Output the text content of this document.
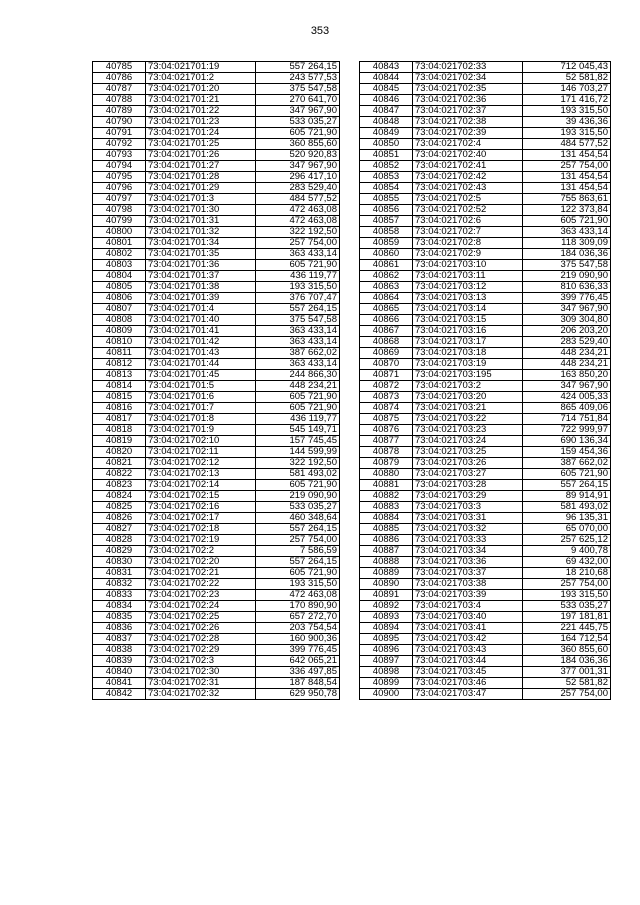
353
40785	73:04:021701:19	557 264,15
40786	73:04:021701:2	243 577,53
40787	73:04:021701:20	375 547,58
40788	73:04:021701:21	270 641,70
40789	73:04:021701:22	347 967,90
40790	73:04:021701:23	533 035,27
40791	73:04:021701:24	605 721,90
40792	73:04:021701:25	360 855,60
40793	73:04:021701:26	520 920,83
40794	73:04:021701:27	347 967,90
40795	73:04:021701:28	296 417,10
40796	73:04:021701:29	283 529,40
40797	73:04:021701:3	484 577,52
40798	73:04:021701:30	472 463,08
40799	73:04:021701:31	472 463,08
40800	73:04:021701:32	322 192,50
40801	73:04:021701:34	257 754,00
40802	73:04:021701:35	363 433,14
40803	73:04:021701:36	605 721,90
40804	73:04:021701:37	436 119,77
40805	73:04:021701:38	193 315,50
40806	73:04:021701:39	376 707,47
40807	73:04:021701:4	557 264,15
40808	73:04:021701:40	375 547,58
40809	73:04:021701:41	363 433,14
40810	73:04:021701:42	363 433,14
40811	73:04:021701:43	387 662,02
40812	73:04:021701:44	363 433,14
40813	73:04:021701:45	244 866,30
40814	73:04:021701:5	448 234,21
40815	73:04:021701:6	605 721,90
40816	73:04:021701:7	605 721,90
40817	73:04:021701:8	436 119,77
40818	73:04:021701:9	545 149,71
40819	73:04:021702:10	157 745,45
40820	73:04:021702:11	144 599,99
40821	73:04:021702:12	322 192,50
40822	73:04:021702:13	581 493,02
40823	73:04:021702:14	605 721,90
40824	73:04:021702:15	219 090,90
40825	73:04:021702:16	533 035,27
40826	73:04:021702:17	460 348,64
40827	73:04:021702:18	557 264,15
40828	73:04:021702:19	257 754,00
40829	73:04:021702:2	7 586,59
40830	73:04:021702:20	557 264,15
40831	73:04:021702:21	605 721,90
40832	73:04:021702:22	193 315,50
40833	73:04:021702:23	472 463,08
40834	73:04:021702:24	170 890,90
40835	73:04:021702:25	657 272,70
40836	73:04:021702:26	203 754,54
40837	73:04:021702:28	160 900,36
40838	73:04:021702:29	399 776,45
40839	73:04:021702:3	642 065,21
40840	73:04:021702:30	336 497,85
40841	73:04:021702:31	187 848,54
40842	73:04:021702:32	629 950,78
40843	73:04:021702:33	712 045,43
40844	73:04:021702:34	52 581,82
40845	73:04:021702:35	146 703,27
40846	73:04:021702:36	171 416,72
40847	73:04:021702:37	193 315,50
40848	73:04:021702:38	39 436,36
40849	73:04:021702:39	193 315,50
40850	73:04:021702:4	484 577,52
40851	73:04:021702:40	131 454,54
40852	73:04:021702:41	257 754,00
40853	73:04:021702:42	131 454,54
40854	73:04:021702:43	131 454,54
40855	73:04:021702:5	755 863,61
40856	73:04:021702:52	122 373,84
40857	73:04:021702:6	605 721,90
40858	73:04:021702:7	363 433,14
40859	73:04:021702:8	118 309,09
40860	73:04:021702:9	184 036,36
40861	73:04:021703:10	375 547,58
40862	73:04:021703:11	219 090,90
40863	73:04:021703:12	810 636,33
40864	73:04:021703:13	399 776,45
40865	73:04:021703:14	347 967,90
40866	73:04:021703:15	309 304,80
40867	73:04:021703:16	206 203,20
40868	73:04:021703:17	283 529,40
40869	73:04:021703:18	448 234,21
40870	73:04:021703:19	448 234,21
40871	73:04:021703:195	163 850,20
40872	73:04:021703:2	347 967,90
40873	73:04:021703:20	424 005,33
40874	73:04:021703:21	865 409,06
40875	73:04:021703:22	714 751,84
40876	73:04:021703:23	722 999,97
40877	73:04:021703:24	690 136,34
40878	73:04:021703:25	159 454,36
40879	73:04:021703:26	387 662,02
40880	73:04:021703:27	605 721,90
40881	73:04:021703:28	557 264,15
40882	73:04:021703:29	89 914,91
40883	73:04:021703:3	581 493,02
40884	73:04:021703:31	96 135,31
40885	73:04:021703:32	65 070,00
40886	73:04:021703:33	257 625,12
40887	73:04:021703:34	9 400,78
40888	73:04:021703:36	69 432,00
40889	73:04:021703:37	18 210,68
40890	73:04:021703:38	257 754,00
40891	73:04:021703:39	193 315,50
40892	73:04:021703:4	533 035,27
40893	73:04:021703:40	197 181,81
40894	73:04:021703:41	221 445,75
40895	73:04:021703:42	164 712,54
40896	73:04:021703:43	360 855,60
40897	73:04:021703:44	184 036,36
40898	73:04:021703:45	377 001,31
40899	73:04:021703:46	52 581,82
40900	73:04:021703:47	257 754,00
